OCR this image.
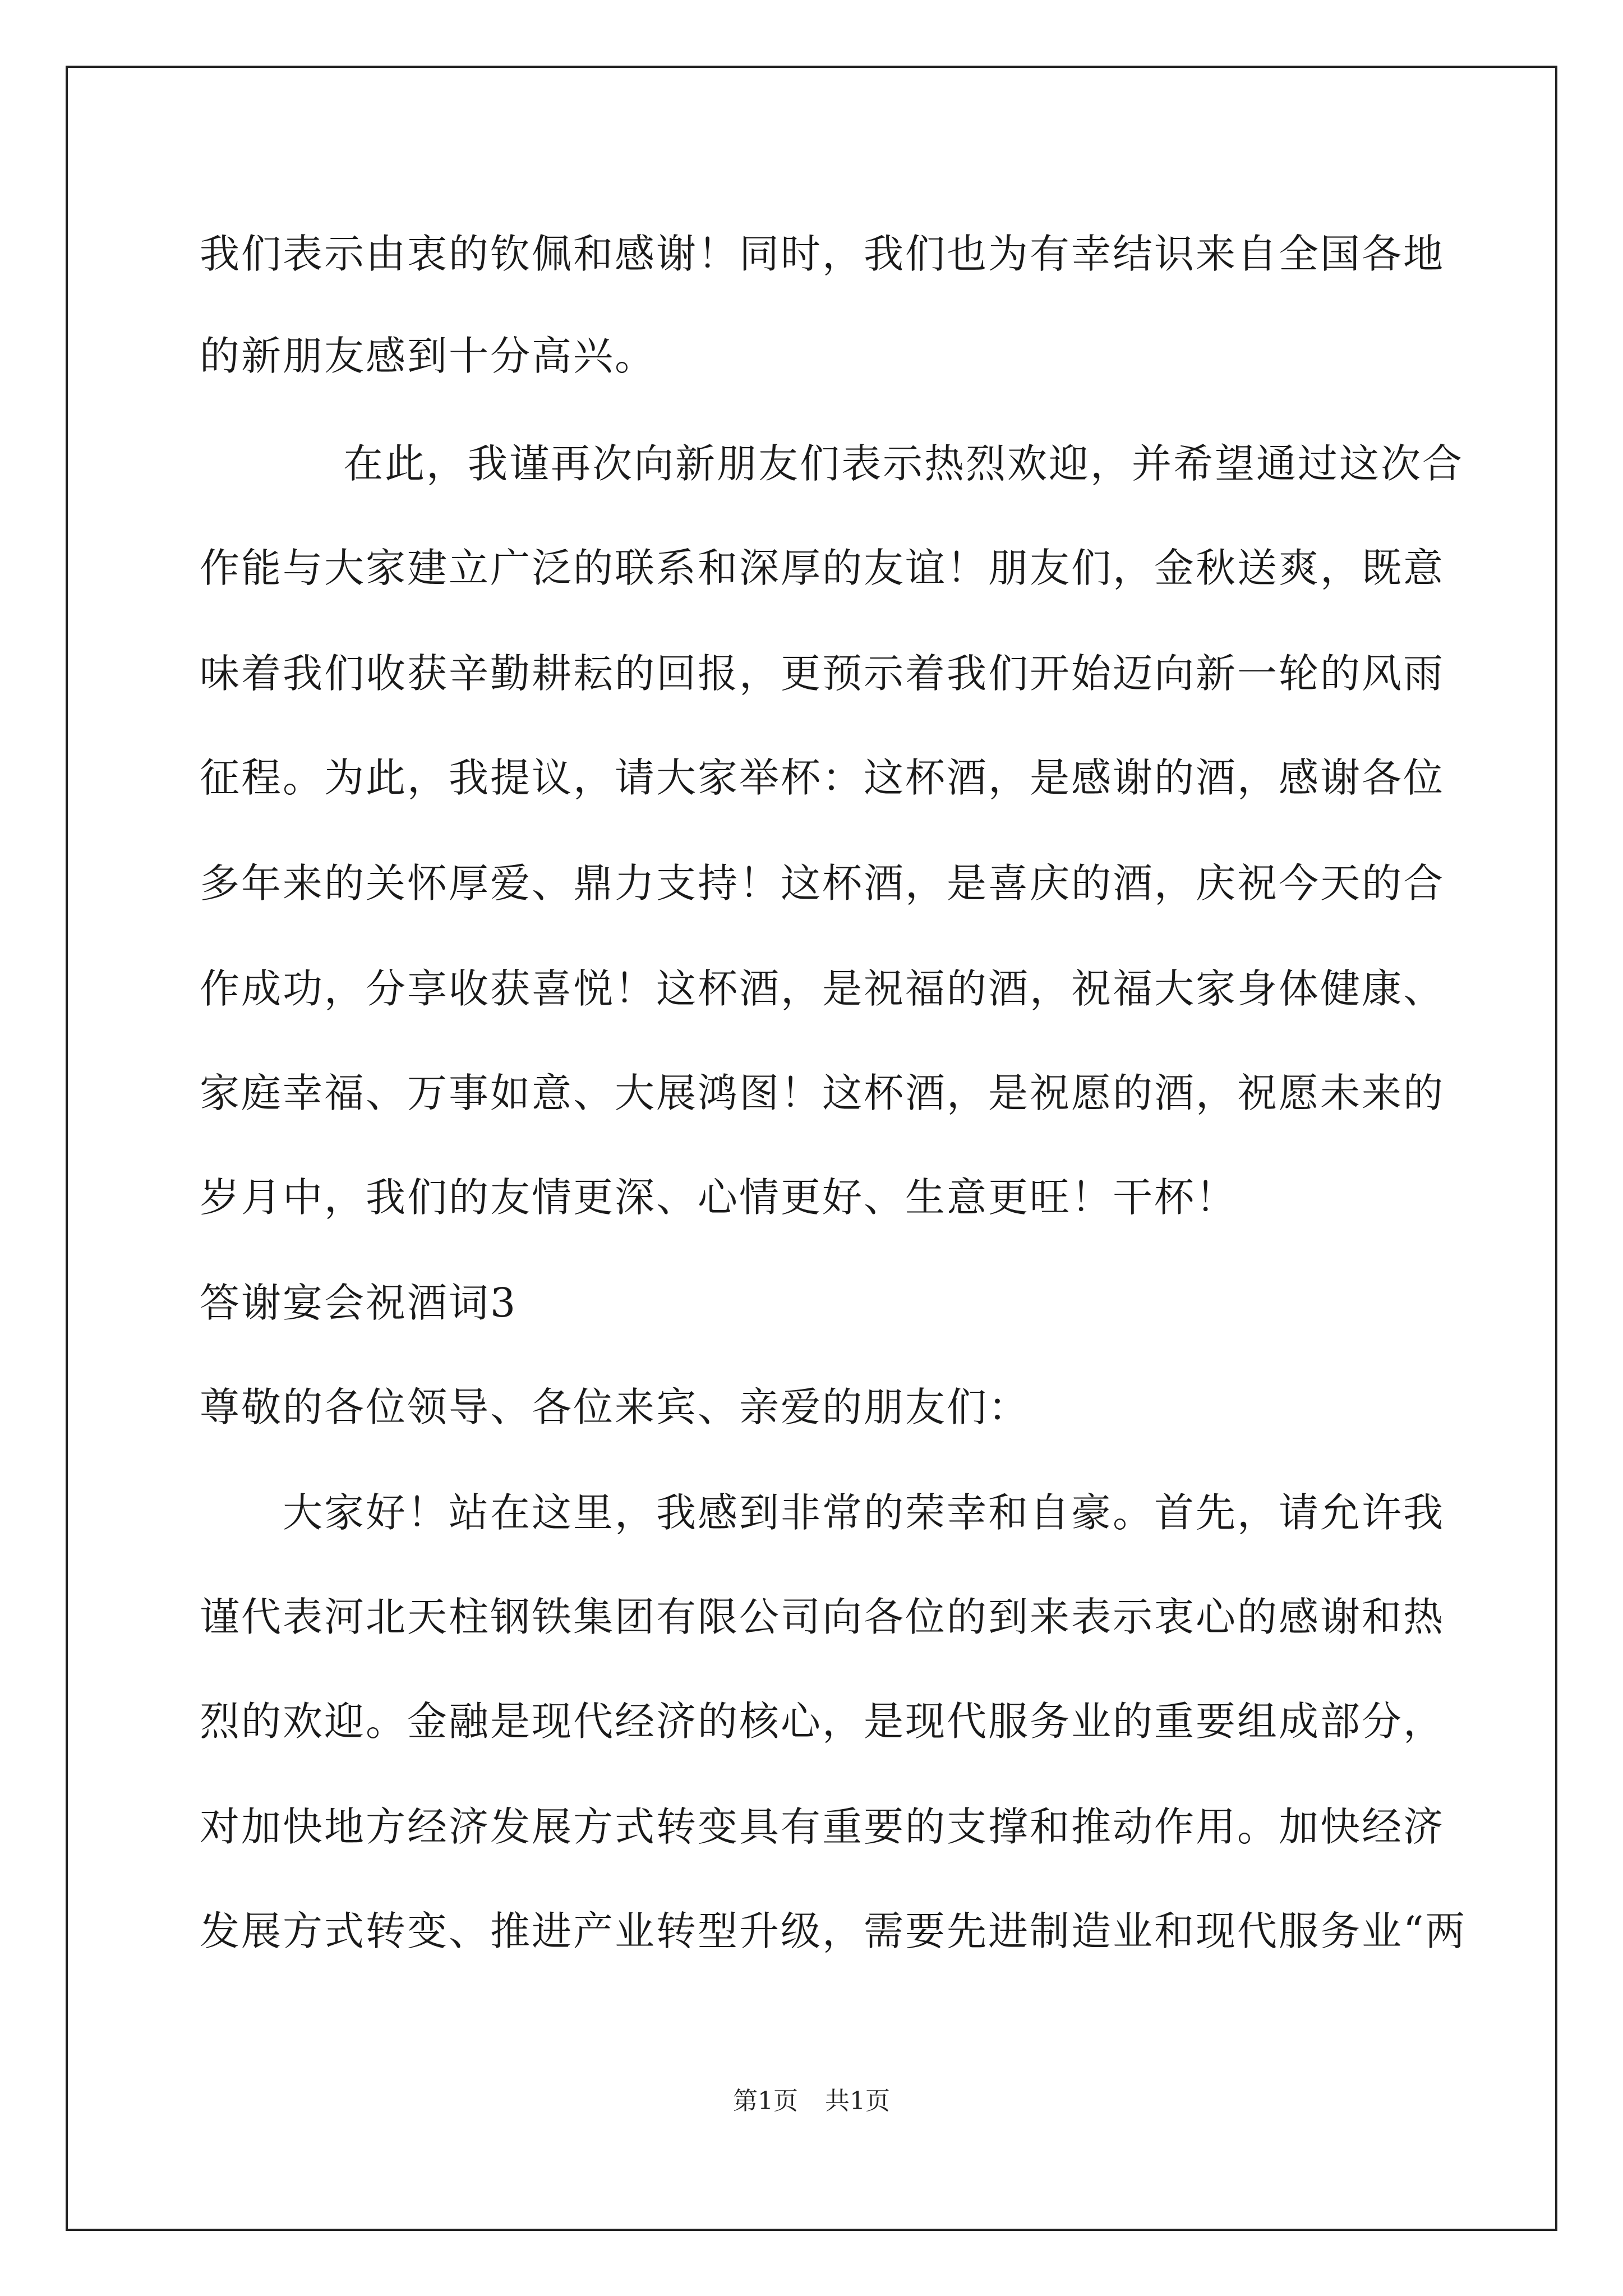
我们表示由衷的钦佩和感谢！同时，我们也为有幸结识来自全国各地
的新朋友感到十分高兴。
在此，我谨再次向新朋友们表示热烈欢迎，并希望通过这次合
作能与大家建立广泛的联系和深厚的友谊！朋友们，金秋送爽，既意
味着我们收获辛勤耕耘的回报，更预示着我们开始迈向新一轮的风雨
征程。为此，我提议，请大家举杯：这杯酒，是感谢的酒，感谢各位
多年来的关怀厚爱、鼎力支持！这杯酒，是喜庆的酒，庆祝今天的合
作成功，分享收获喜悦！这杯酒，是祝福的酒，祝福大家身体健康、
家庭幸福、万事如意、大展鸿图！这杯酒，是祝愿的酒，祝愿未来的
岁月中，我们的友情更深、心情更好、生意更旺！干杯！
答谢宴会祝酒词3
尊敬的各位领导、各位来宾、亲爱的朋友们：
大家好！站在这里，我感到非常的荣幸和自豪。首先，请允许我
谨代表河北天柱钢铁集团有限公司向各位的到来表示衷心的感谢和热
烈的欢迎。金融是现代经济的核心，是现代服务业的重要组成部分，
对加快地方经济发展方式转变具有重要的支撑和推动作用。加快经济
发展方式转变、推进产业转型升级，需要先进制造业和现代服务业“两
第1页 共1页
